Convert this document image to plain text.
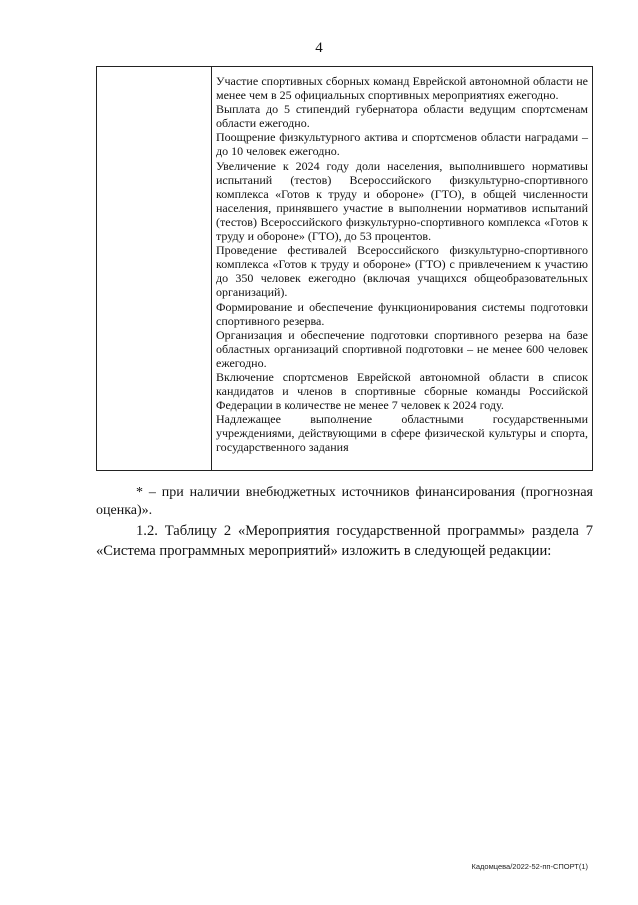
4

Участие спортивных сборных команд Еврейской автономной области не менее чем в 25 официальных спортивных мероприятиях ежегодно.

Выплата до 5 стипендий губернатора области ведущим спортсменам области ежегодно.

Поощрение физкультурного актива и спортсменов области наградами – до 10 человек ежегодно.

Увеличение к 2024 году доли населения, выполнившего нормативы испытаний (тестов) Всероссийского физкультурно-спортивного комплекса «Готов к труду и обороне» (ГТО), в общей численности населения, принявшего участие в выполнении нормативов испытаний (тестов) Всероссийского физкультурно-спортивного комплекса «Готов к труду и обороне» (ГТО), до 53 процентов.

Проведение фестивалей Всероссийского физкультурно-спортивного комплекса «Готов к труду и обороне» (ГТО) с привлечением к участию до 350 человек ежегодно (включая учащихся общеобразовательных организаций).

Формирование и обеспечение функционирования системы подготовки спортивного резерва.

Организация и обеспечение подготовки спортивного резерва на базе областных организаций спортивной подготовки – не менее 600 человек ежегодно.

Включение спортсменов Еврейской автономной области в список кандидатов и членов в спортивные сборные команды Российской Федерации в количестве не менее 7 человек к 2024 году.

Надлежащее выполнение областными государственными учреждениями, действующими в сфере физической культуры и спорта, государственного задания

* – при наличии внебюджетных источников финансирования (прогнозная оценка)».
1.2. Таблицу 2 «Мероприятия государственной программы» раздела 7 «Система программных мероприятий» изложить в следующей редакции:
Кадомцева/2022-52-пп-СПОРТ(1)
